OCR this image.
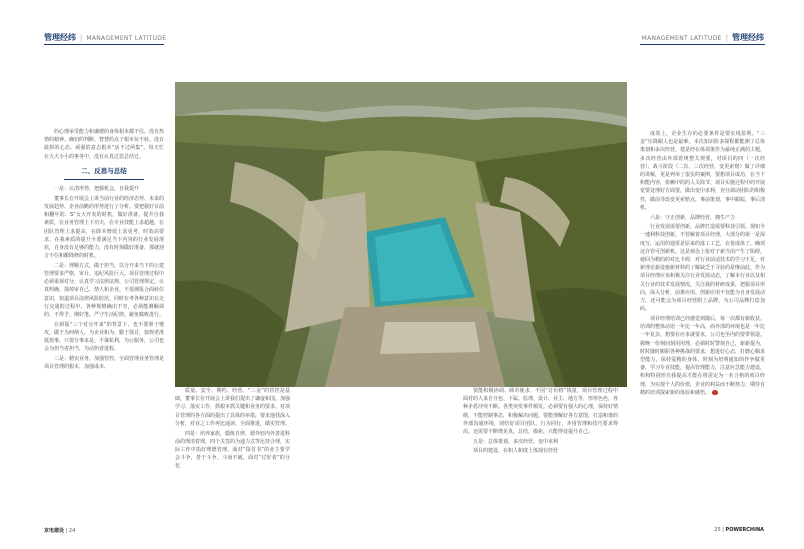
管理经纬 | MANAGEMENT LATITUDE	MANAGEMENT LATITUDE | 管理经纬

的心理承受能力和谦德的身体相本都不住。没有热情的精神、确切的判断、智慧的点子根本玩不转。没有敢拼的心态、顽强的意志根本“活不过两集”。每天忙在大大小小的事务中，没有认真过思总结过。

二、反思与总结

一是：认清形势，把握机会，自我提升

董事长在开展会上讲当前行业的经济态势、未来的发展趋势、企业前瞻的形势进行了分析。要把握好目前和翻年的、S“女大开发的时机，做好准备，提升自我素质，在业务管理上下功夫，在专业技能上求超越，在团队管理上求提高，在降本增效上求更考，时效高要求，在我素质的提升全要满足当下内容的行业发展现状，自身没有足够的能力，没有时刻做好准备，那就迎合不住和酿降修的时机。

二是：理顺方式，做于担当，以分开来当下的公建管理要求严格，审计、追纪风险巨大。项目管理过程中必须重视对分，认真学习法律法规、公司管理规定，认真明确，探掉审自己、情人和企业。不要测报合面转住意识，知道项目法律风险防范。同时在考各种意识在走行交通的过程中，各种规格确出不穷，必须能测解调的、不得予。期好笔。严守生活纪律。避免腐败进行。

在新版“三个对分开来”的背景下，也不要胆于慢攻，做于为何纳人，为企业和为，勤于探讨，按规老准低按事，只要分事求是，不谋私利，为公服务，公司也会为担当者担当，为动担者进程。

三是：精实业务，加强管控，全面管理业务管理是项目管理的根本，加强成本、

质量、安全、期约、经营、“三金”的管控是基础，董事长在开展会上讲我们提出了谦虚和国，加强学习、落实工作，抓根本抓关键和业务的要求。对项目管理的各方面的提出了具体的举措，要求他找深入分析，对业之工作再比通读、全面推进，做实管理。

四是：培养家族，锻炼自律，德外轻内外善进科涂的理清着理，四个关签的为通力式等比技合理，实际工作中指好理德管理。面对“指首书”的业主要学会斗争，善于斗争。斗而不破，面对“讨好者”的分包

要能积极协调、顾奇使求，不因“讨价格”钱量，项目管理过程中面对的人来自分包、下属、监理、设计、业主、地方等，形形色色，各种矛盾冲突不断。各类突发事件频发。必须要有强大的心理，保持好情绪，不能控制事态，积极解决问题。要能理解好各方意图，打造和谐的外部沟通环境，团结好项目团队，行为同行，齐用管理和技巧要求得高。还需要不断增见真，总结、摸索，只能得处提升自己。

五是：总体策划，多次经营，变中求利

项目的建设，在积人和度上体现在经营

成效上，企业生存的必要条件是要实现盈利。“三金”压降跟人也是最难。本次知识阶多探程都能测了总体策划和多次经营，建是经在体项策作为最纯正满的主题，多次经营由外部着规整关规要，对项目的四（一次经营）、战斗阶段（二次、三次经营，变更索赔）做了详细的讲解，更是列举了很实的案例，要想项目成功，在当下积能内容，依赖中的的人关简节，项目实施过程中的开展宽要处理好方面要，做出变中求利，充分调动团队的积极性，做前导改变更索赔点，事前策划，事中跟踪，事后清机。

六是：守正创新，品牌经营，拥生产力

行业发展需要创新，品牌打造需要科技引领。现如今一速利科技创新，不管解着项目经理，大部分的第一是深度写，运用的通常是原来的落工工艺，在优成体了，确项这许管可创新机。这是观念上依对于新当用产生了阻碍，使回为精的的对比卡碍，对行业前适技术的学习不足，对新理论新设施新材料的了解缺乏于寻验的是继前此，作为项目经理应该积极关注行业发展动态，了解本行业以及相关行业的技术发展情况，关注我的材研成果，把握项目形向，深入分析，前推应用。创新应用不仅能为自身发展动力，还可能会为项目经营附上品牌，为公司品牌打造加码。

项目经理培训已经感觉到随后，每一次都有新收获。培训的整体动语一年比一年高，而外部的环境也是一年比一年复杂，想要在应求就要求，公司也至内的要带领造。握晚一份刻间刻用用理，必须时时警刻自己，新新提为，时时随时搬职各种挑战的要求，想进好心态，打磨心顺求型能力，保持爱精的身体，时刻为培明通知的作争做更备，学习专业技能，提高管理能力，注意应急能力建设，积和特别形自我提高才能在将需定为一名合格的项目经理，为实现个人的价值，企业的利益而不断努力，期待有精的培训探索新的体验和感悟。

京电建设 | 24	25 | POWERCHINA
